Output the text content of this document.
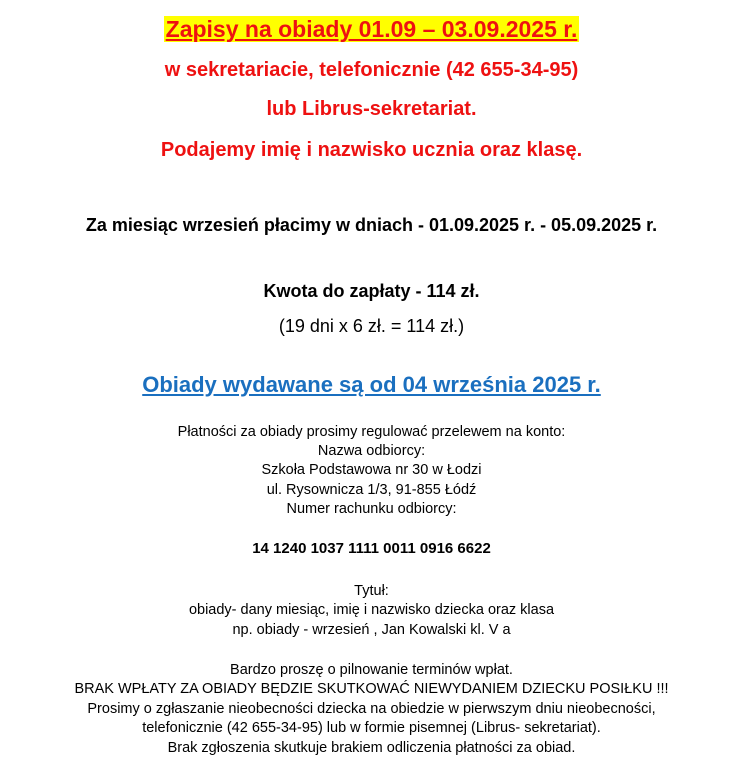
Zapisy na obiady 01.09 – 03.09.2025 r.
w sekretariacie, telefonicznie (42 655-34-95)
lub Librus-sekretariat.
Podajemy imię i nazwisko ucznia oraz klasę.
Za miesiąc wrzesień płacimy w dniach - 01.09.2025 r. - 05.09.2025 r.
Kwota do zapłaty - 114 zł.
(19 dni x 6 zł. = 114 zł.)
Obiady wydawane są od 04 września 2025 r.
Płatności za obiady prosimy regulować przelewem na konto:
Nazwa odbiorcy:
Szkoła Podstawowa nr 30 w Łodzi
ul. Rysownicza 1/3, 91-855 Łódź
Numer rachunku odbiorcy:
14 1240 1037 1111 0011 0916 6622
Tytuł:
obiady- dany miesiąc, imię i nazwisko dziecka oraz klasa
np. obiady - wrzesień , Jan Kowalski kl. V a
Bardzo proszę o pilnowanie terminów wpłat.
BRAK WPŁATY ZA OBIADY BĘDZIE SKUTKOWAĆ NIEWYDANIEM DZIECKU POSIŁKU !!!
Prosimy o zgłaszanie nieobecności dziecka na obiedzie w pierwszym dniu nieobecności,
telefonicznie (42 655-34-95) lub w formie pisemnej (Librus- sekretariat).
Brak zgłoszenia skutkuje brakiem odliczenia płatności za obiad.
